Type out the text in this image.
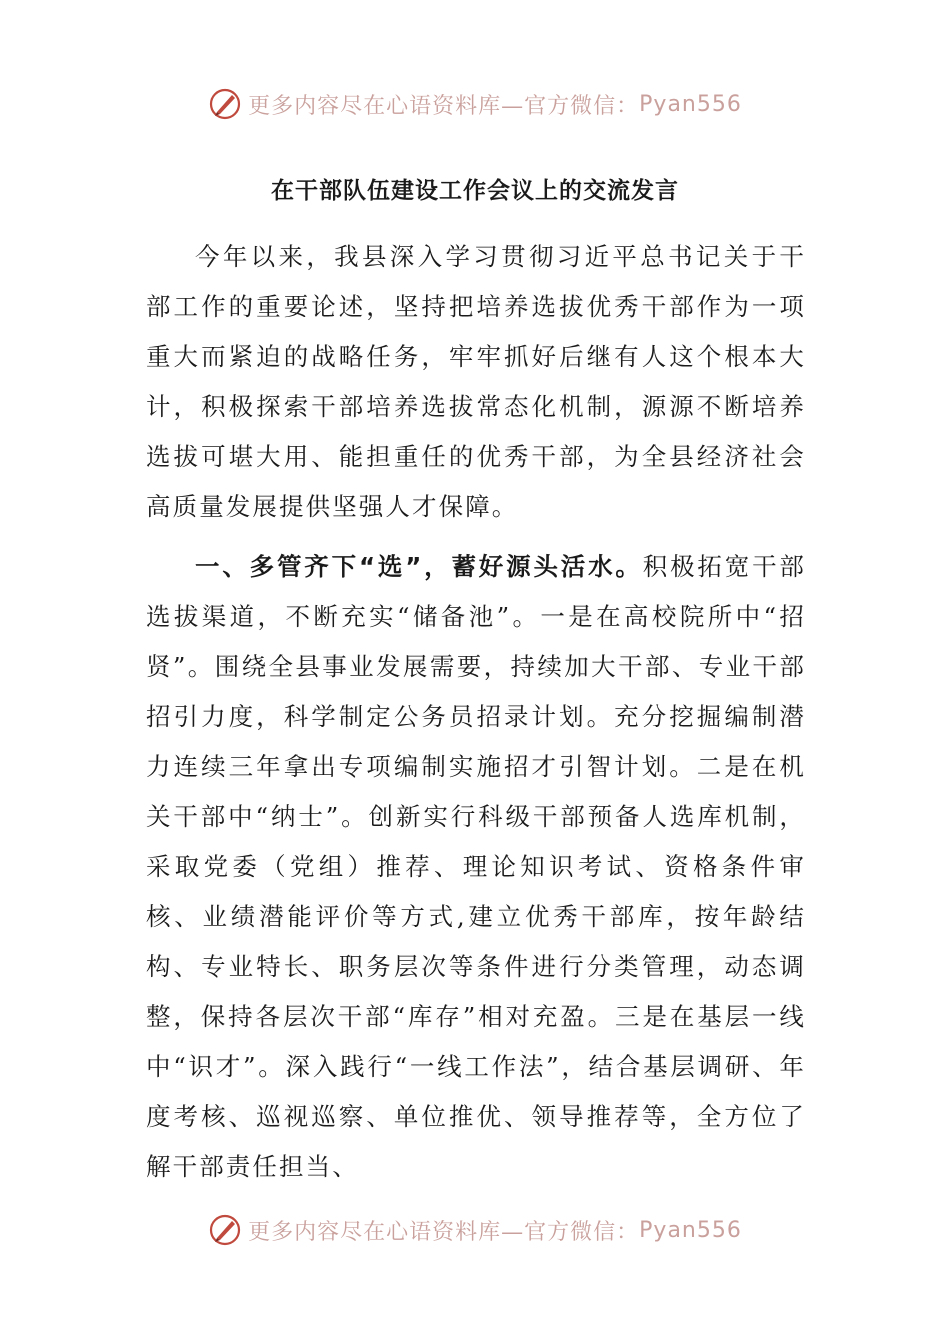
更多内容尽在心语资料库—官方微信： Pyan556
在干部队伍建设工作会议上的交流发言

今年以来，我县深入学习贯彻习近平总书记关于干部工作的重要论述，坚持把培养选拔优秀干部作为一项重大而紧迫的战略任务，牢牢抓好后继有人这个根本大计，积极探索干部培养选拔常态化机制，源源不断培养选拔可堪大用、能担重任的优秀干部，为全县经济社会高质量发展提供坚强人才保障。

一、多管齐下“选”，蓄好源头活水。积极拓宽干部选拔渠道，不断充实“储备池”。一是在高校院所中“招贤”。围绕全县事业发展需要，持续加大干部、专业干部招引力度，科学制定公务员招录计划。充分挖掘编制潜力连续三年拿出专项编制实施招才引智计划。二是在机关干部中“纳士”。创新实行科级干部预备人选库机制，采取党委（党组）推荐、理论知识考试、资格条件审核、业绩潜能评价等方式,建立优秀干部库，按年龄结构、专业特长、职务层次等条件进行分类管理，动态调整，保持各层次干部“库存”相对充盈。三是在基层一线中“识才”。深入践行“一线工作法”，结合基层调研、年度考核、巡视巡察、单位推优、领导推荐等，全方位了解干部责任担当、

更多内容尽在心语资料库—官方微信： Pyan556
